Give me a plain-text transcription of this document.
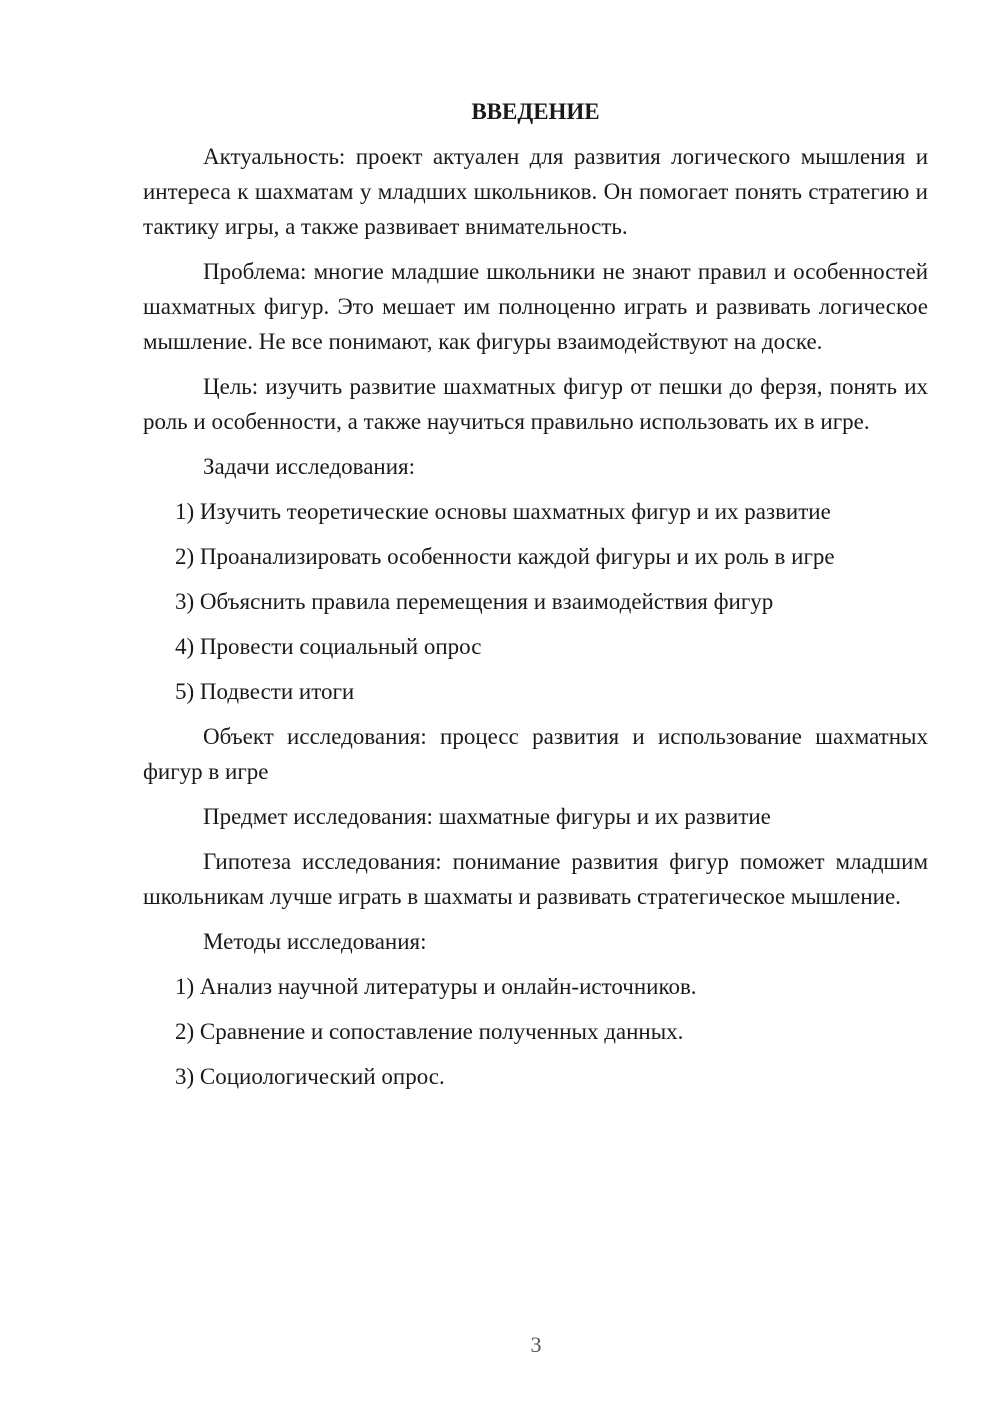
ВВЕДЕНИЕ

Актуальность: проект актуален для развития логического мышления и интереса к шахматам у младших школьников. Он помогает понять стратегию и тактику игры, а также развивает внимательность.

Проблема: многие младшие школьники не знают правил и особенностей шахматных фигур. Это мешает им полноценно играть и развивать логическое мышление. Не все понимают, как фигуры взаимодействуют на доске.

Цель: изучить развитие шахматных фигур от пешки до ферзя, понять их роль и особенности, а также научиться правильно использовать их в игре.

Задачи исследования:

1) Изучить теоретические основы шахматных фигур и их развитие
2) Проанализировать особенности каждой фигуры и их роль в игре
3) Объяснить правила перемещения и взаимодействия фигур
4) Провести социальный опрос
5) Подвести итоги

Объект исследования: процесс развития и использование шахматных фигур в игре

Предмет исследования: шахматные фигуры и их развитие

Гипотеза исследования: понимание развития фигур поможет младшим школьникам лучше играть в шахматы и развивать стратегическое мышление.

Методы исследования:

1) Анализ научной литературы и онлайн-источников.
2) Сравнение и сопоставление полученных данных.
3) Социологический опрос.
3
